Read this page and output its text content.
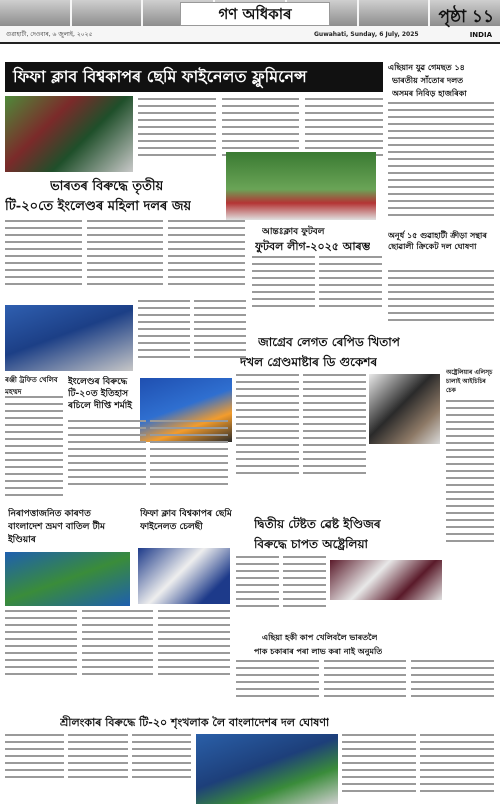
গণ অধিকাৰ	পৃষ্ঠা ১১
গুৱাহাটী, দেওবাৰ, ৬ জুলাই, ২০২৫	Guwahati, Sunday, 6 July, 2025	INDIA
ফিফা ক্লাব বিশ্বকাপৰ ছেমি ফাইনেলত ফ্লুমিনেন্স
ভাৰতৰ বিৰুদ্ধে তৃতীয়
টি-২০তে ইংলেণ্ডৰ মহিলা দলৰ জয়
আন্তঃক্লাব ফুটবল
ফুটবল লীগ-২০২৫ আৰম্ভ
জাগ্ৰেব লেগত ৰেপিড খিতাপ
দখল গ্ৰেণ্ডমাষ্টাৰ ডি গুকেশৰ
ৰঞ্জী ট্ৰফিত খেলিব মহম্মদ
ইংলেণ্ডৰ বিৰুদ্ধে টি-২০ত ইতিহাস ৰচিলে দীপ্তি শৰ্মাই
দ্বিতীয় টেষ্টত ৱেষ্ট ইণ্ডিজৰ
বিৰুদ্ধে চাপত অষ্ট্ৰেলিয়া
নিৰাপত্তাজনিত কাৰণত বাংলাদেশ ভ্ৰমণ বাতিল টীম ইণ্ডিয়াৰ
ফিফা ক্লাব বিশ্বকাপৰ ছেমি ফাইনেলত চেলছী
এছিয়া হকী কাপ খেলিবলৈ ভাৰতলৈ
পাক চকাৰাৰ পৰা লাভ কৰা নাই অনুমতি
শ্ৰীলংকাৰ বিৰুদ্ধে টি-২০ শৃংখলাক লৈ বাংলাদেশৰ দল ঘোষণা
এছিয়ান যুৱ গেমছত ১৪
ভাৰতীয় সাঁতোৰ দলত
অসমৰ নিবিড় হাজৰিকা
অনূৰ্ধ ১৫ গুৱাহাটী ক্ৰীড়া সন্থাৰ ছোৱালী ক্ৰিকেট দল ঘোষণা
অষ্ট্ৰেলিয়াৰ এলিস্চ চালাই আইচিচিৰ চেক
